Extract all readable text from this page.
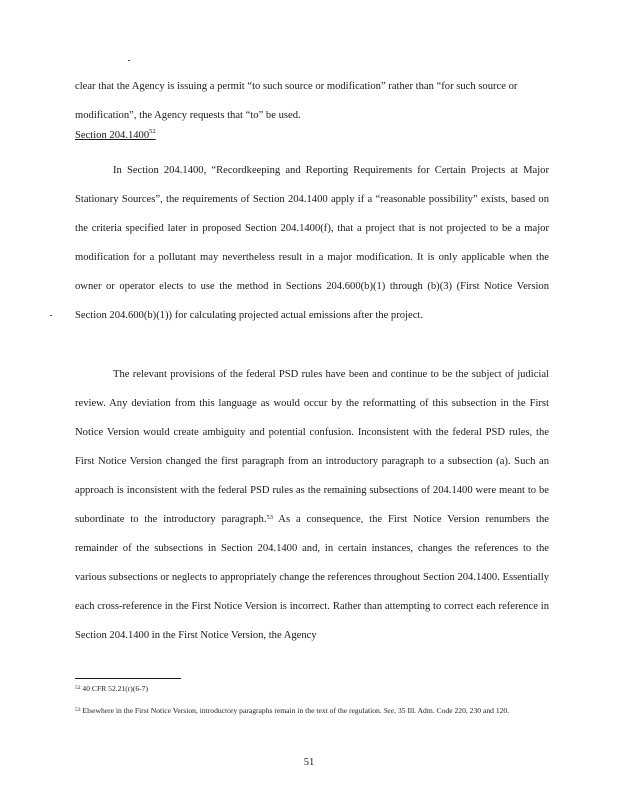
clear that the Agency is issuing a permit “to such source or modification” rather than “for such source or modification”, the Agency requests that “to” be used.

Section 204.1400$^{52}$

In Section 204.1400, “Recordkeeping and Reporting Requirements for Certain Projects at Major Stationary Sources”, the requirements of Section 204.1400 apply if a “reasonable possibility” exists, based on the criteria specified later in proposed Section 204.1400(f), that a project that is not projected to be a major modification for a pollutant may nevertheless result in a major modification. It is only applicable when the owner or operator elects to use the method in Sections 204.600(b)(1) through (b)(3) (First Notice Version Section 204.600(b)(1)) for calculating projected actual emissions after the project.

The relevant provisions of the federal PSD rules have been and continue to be the subject of judicial review. Any deviation from this language as would occur by the reformatting of this subsection in the First Notice Version would create ambiguity and potential confusion. Inconsistent with the federal PSD rules, the First Notice Version changed the first paragraph from an introductory paragraph to a subsection (a). Such an approach is inconsistent with the federal PSD rules as the remaining subsections of 204.1400 were meant to be subordinate to the introductory paragraph.$^{53}$ As a consequence, the First Notice Version renumbers the remainder of the subsections in Section 204.1400 and, in certain instances, changes the references to the various subsections or neglects to appropriately change the references throughout Section 204.1400. Essentially each cross-reference in the First Notice Version is incorrect. Rather than attempting to correct each reference in Section 204.1400 in the First Notice Version, the Agency

$^{52}$ 40 CFR 52.21(r)(6-7)

$^{53}$ Elsewhere in the First Notice Version, introductory paragraphs remain in the text of the regulation. See, 35 Ill. Adm. Code 220, 230 and 120.

51
